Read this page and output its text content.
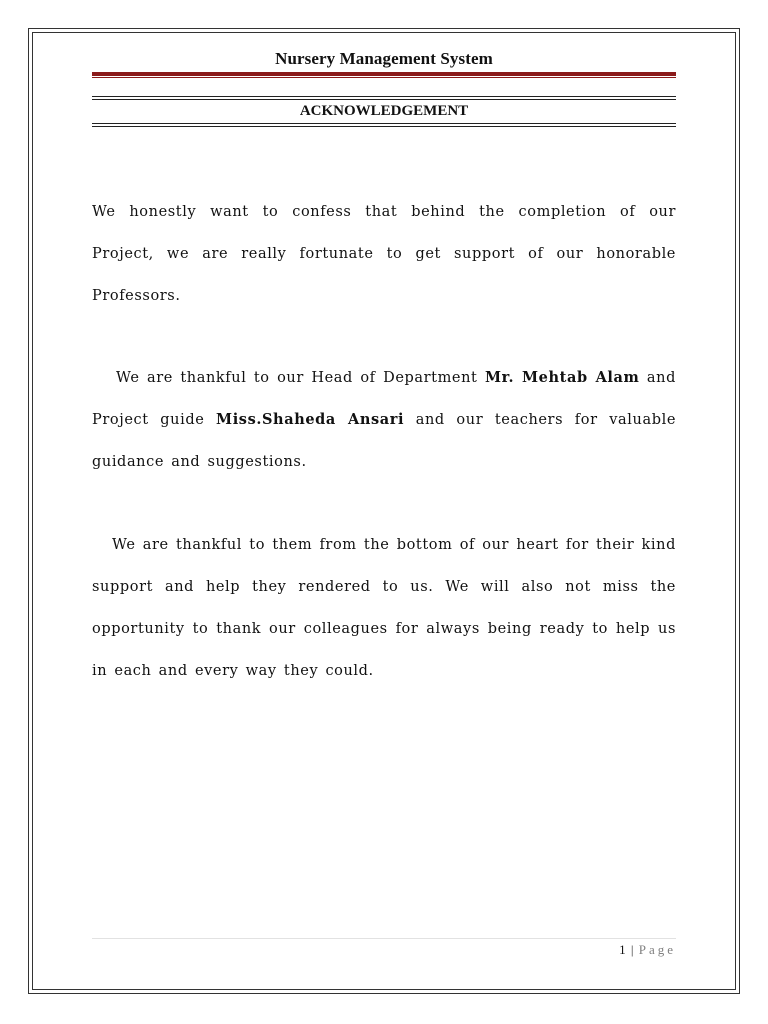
Nursery Management System
ACKNOWLEDGEMENT

We honestly want to confess that behind the completion of our Project, we are really fortunate to get support of our honorable Professors.

We are thankful to our Head of Department Mr. Mehtab Alam and Project guide Miss.Shaheda Ansari and our teachers for valuable guidance and suggestions.

We are thankful to them from the bottom of our heart for their kind support and help they rendered to us. We will also not miss the opportunity to thank our colleagues for always being ready to help us in each and every way they could.

1 | Page
